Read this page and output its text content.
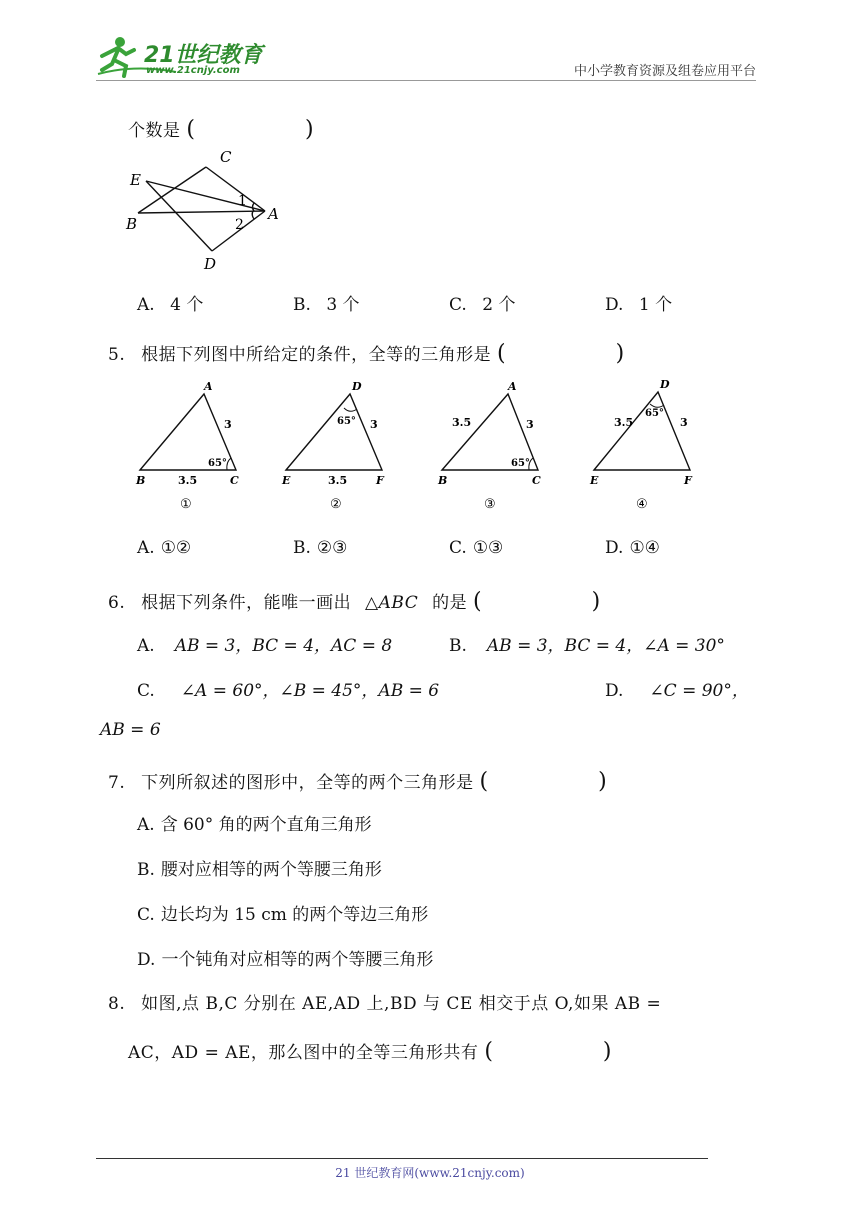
21世纪教育
www.21cnjy.com	中小学教育资源及组卷应用平台
个数是 (　　)
C
E
B
A
D
1
2
A. 4 个	B. 3 个	C. 2 个	D. 1 个
5. 根据下列图中所给定的条件，全等的三角形是 (　　)
A
B	C
3
3.5
65°
①
D
E	F
3
3.5
65°
②
A
B	C
3.5	3
65°
③
D
E	F
3.5	3
65°
④
A. ①②	B. ②③	C. ①③	D. ①④
6. 根据下列条件，能唯一画出 △ABC 的是 (　　)
A. AB = 3，BC = 4，AC = 8	B. AB = 3，BC = 4，∠A = 30°
C. ∠A = 60°，∠B = 45°，AB = 6	D. ∠C = 90°，
AB = 6
7. 下列所叙述的图形中，全等的两个三角形是 (　　)
A. 含 60° 角的两个直角三角形
B. 腰对应相等的两个等腰三角形
C. 边长均为 15 cm 的两个等边三角形
D. 一个钝角对应相等的两个等腰三角形
8. 如图,点 B,C 分别在 AE,AD 上,BD 与 CE 相交于点 O,如果 AB =
AC，AD = AE，那么图中的全等三角形共有 (　　)
21 世纪教育网(www.21cnjy.com)
